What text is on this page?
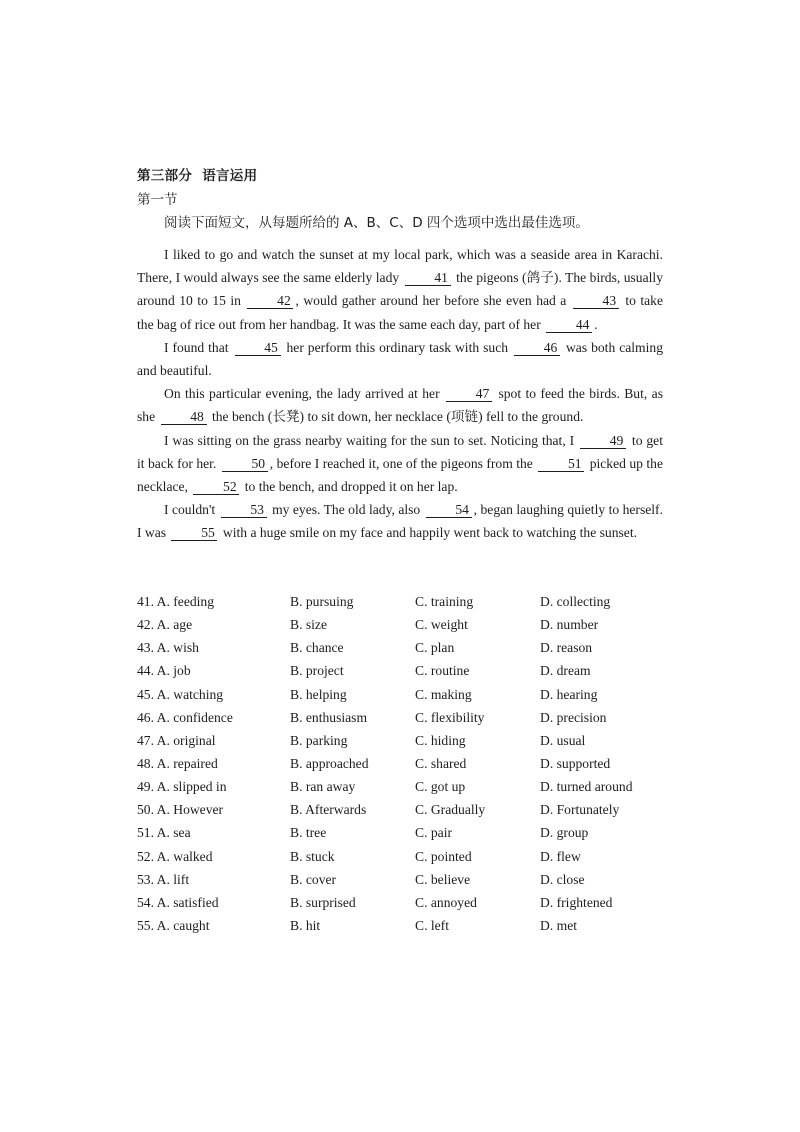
第三部分  语言运用
第一节
阅读下面短文，从每题所给的 A、B、C、D 四个选项中选出最佳选项。

I liked to go and watch the sunset at my local park, which was a seaside area in Karachi. There, I would always see the same elderly lady	41 the pigeons (鸽子). The birds, usually around 10 to 15 in	42 , would gather around her before she even had a	43 to take the bag of rice out from her handbag. It was the same each day, part of her	44 .

I found that	45 her perform this ordinary task with such	46 was both calming and beautiful.

On this particular evening, the lady arrived at her	47 spot to feed the birds. But, as she	48 the bench (长凳) to sit down, her necklace (项链) fell to the ground.

I was sitting on the grass nearby waiting for the sun to set. Noticing that, I	49 to get it back for her.	50 , before I reached it, one of the pigeons from the	51 picked up the necklace,	52 to the bench, and dropped it on her lap.

I couldn't	53 my eyes. The old lady, also	54 , began laughing quietly to herself. I was	55 with a huge smile on my face and happily went back to watching the sunset.

41. A. feeding	B. pursuing	C. training	D. collecting
42. A. age	B. size	C. weight	D. number
43. A. wish	B. chance	C. plan	D. reason
44. A. job	B. project	C. routine	D. dream
45. A. watching	B. helping	C. making	D. hearing
46. A. confidence	B. enthusiasm	C. flexibility	D. precision
47. A. original	B. parking	C. hiding	D. usual
48. A. repaired	B. approached	C. shared	D. supported
49. A. slipped in	B. ran away	C. got up	D. turned around
50. A. However	B. Afterwards	C. Gradually	D. Fortunately
51. A. sea	B. tree	C. pair	D. group
52. A. walked	B. stuck	C. pointed	D. flew
53. A. lift	B. cover	C. believe	D. close
54. A. satisfied	B. surprised	C. annoyed	D. frightened
55. A. caught	B. hit	C. left	D. met
